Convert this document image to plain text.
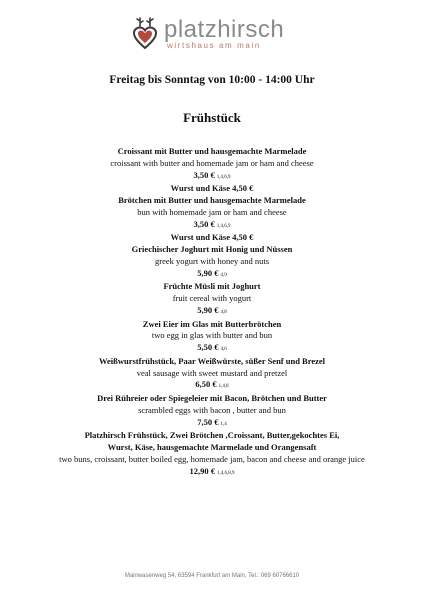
platzhirsch
wirtshaus am main
Freitag bis Sonntag von 10:00 - 14:00 Uhr
Frühstück
Croissant mit Butter und hausgemachte Marmelade
croissant with butter and homemade jam or ham and cheese
3,50 € 1,4,6,9
Wurst und Käse 4,50 €
Brötchen mit Butter und hausgemachte Marmelade
bun with homemade jam or ham and cheese
3,50 € 1,4,6,9
Wurst und Käse 4,50 €
Griechischer Joghurt mit Honig und Nüssen
greek yogurt with honey and nuts
5,90 € 4,9
Früchte Müsli mit Joghurt
fruit cereal with yogurt
5,90 € 4,8
Zwei Eier im Glas mit Butterbrötchen
two egg in glas with butter and bun
5,50 € 4,6
Weißwurstfrühstück, Paar Weißwürste, süßer Senf und Brezel
veal sausage with sweet mustard and pretzel
6,50 € 1,4,8
Drei Rühreier oder Spiegeleier mit Bacon, Brötchen und Butter
scrambled eggs with bacon , butter and bun
7,50 € 1,4
Platzhirsch Frühstück, Zwei Brötchen ,Croissant, Butter,gekochtes Ei,
Wurst, Käse, hausgemachte Marmelade und Orangensaft
two buns, croissant, butter boiled egg, homemade jam, bacon and cheese and orange juice
12,90 € 1,4,6,8,9
Mainwasenweg 54, 63594 Frankfurt am Main, Tel.: 069 60766610
